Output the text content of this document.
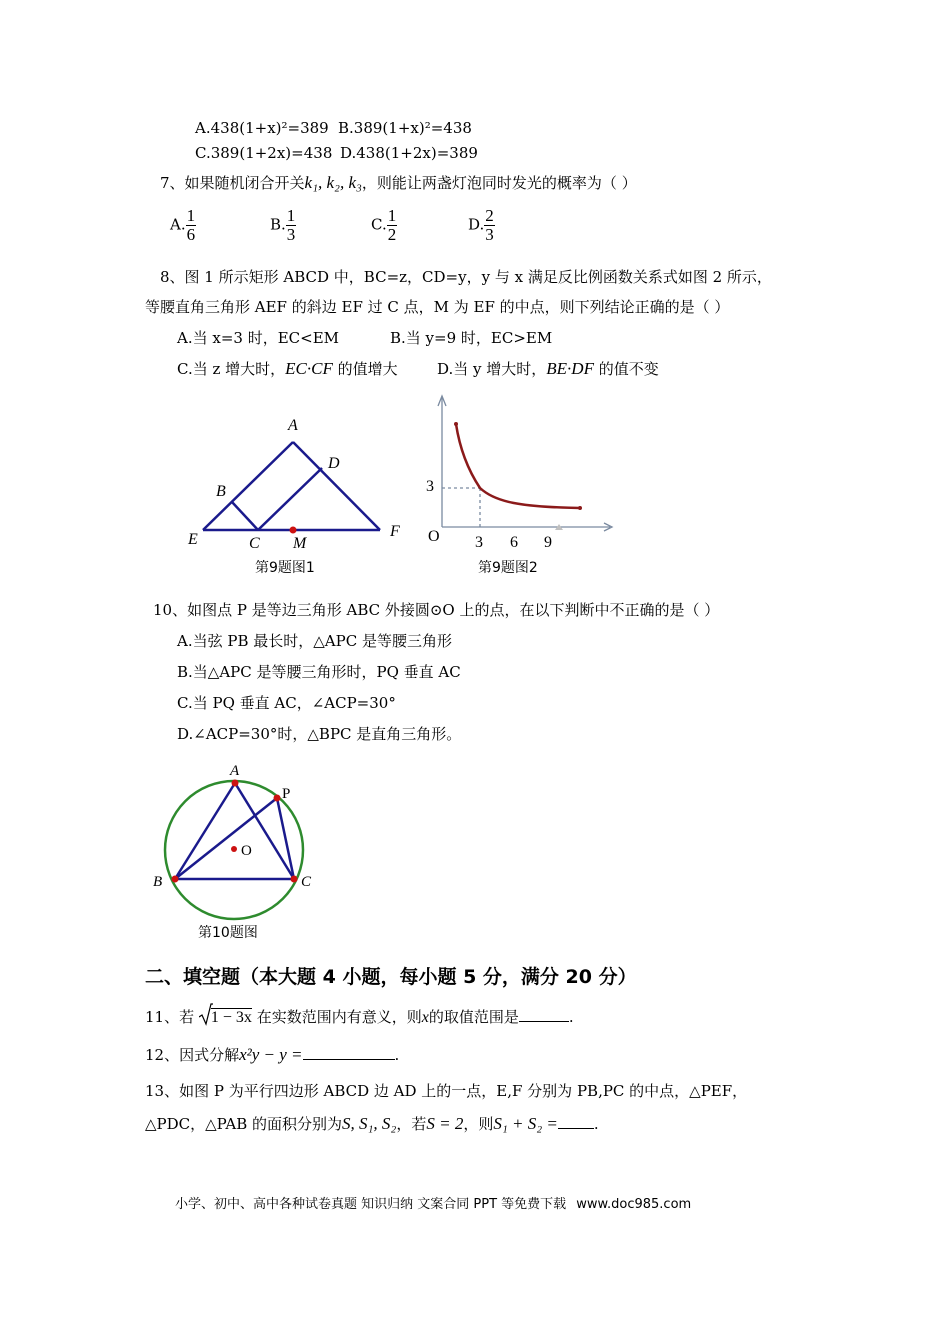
A.438(1+x)²=389 B.389(1+x)²=438
C.389(1+2x)=438 D.438(1+2x)=389
7、如果随机闭合开关k₁, k₂, k₃，则能让两盏灯泡同时发光的概率为（ ）
A. $\frac{1}{6}$	B. $\frac{1}{3}$	C. $\frac{1}{2}$	D. $\frac{2}{3}$
8、图 1 所示矩形 ABCD 中，BC=z，CD=y，y 与 x 满足反比例函数关系式如图 2 所示，
等腰直角三角形 AEF 的斜边 EF 过 C 点，M 为 EF 的中点，则下列结论正确的是（ ）
A.当 x=3 时，EC<EM	B.当 y=9 时，EC>EM
C.当 z 增大时，EC·CF 的值增大	D.当 y 增大时，BE·DF 的值不变
A
B
D
E	C M
F
第9题图1
3
O 3 6 9
第9题图2
10、如图点 P 是等边三角形 ABC 外接圆⊙O 上的点，在以下判断中不正确的是（ ）
A.当弦 PB 最长时，△APC 是等腰三角形
B.当△APC 是等腰三角形时，PQ 垂直 AC
C.当 PQ 垂直 AC，∠ACP=30°
D.∠ACP=30°时，△BPC 是直角三角形。
A
P
B	C
O
第10题图
二、填空题（本大题 4 小题，每小题 5 分，满分 20 分）
11、若 1 − 3x 在实数范围内有意义，则x的取值范围是	.
12、因式分解x²y − y =	.
13、如图 P 为平行四边形 ABCD 边 AD 上的一点，E,F 分别为 PB,PC 的中点，△PEF，
△PDC，△PAB 的面积分别为S, S₁, S₂，若S = 2，则S₁ + S₂ = .
小学、初中、高中各种试卷真题 知识归纳 文案合同 PPT 等免费下载 www.doc985.com
